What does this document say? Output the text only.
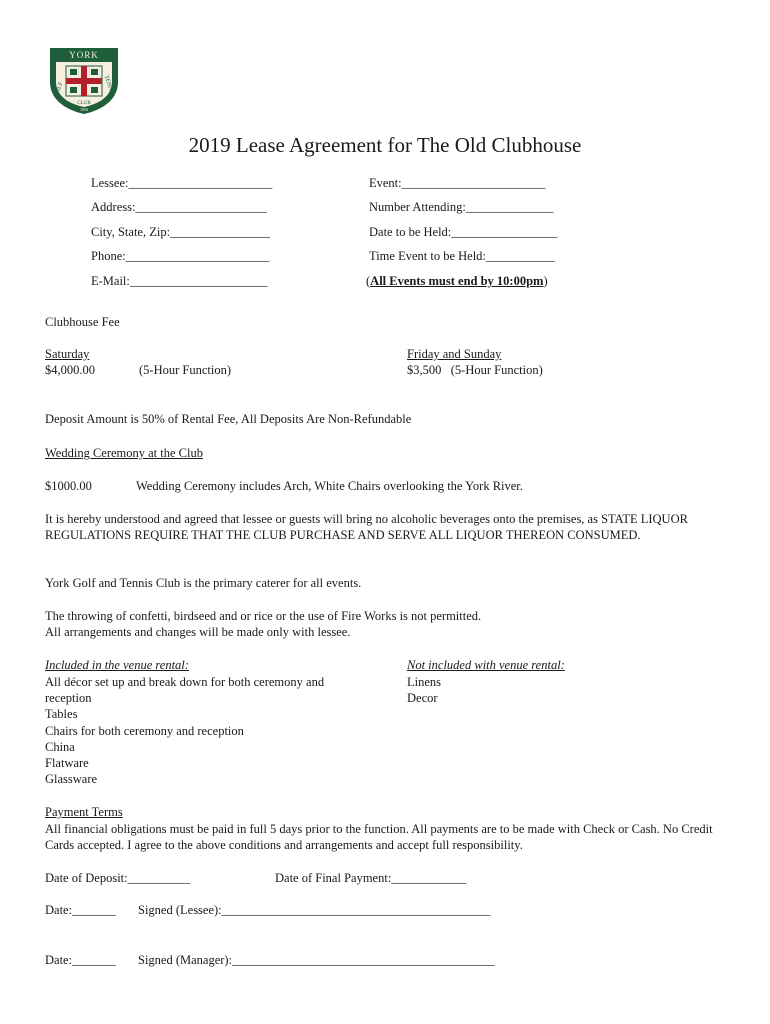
YORK
GOLF	TENNIS
CLUB
1904
2019 Lease Agreement for The Old Clubhouse
Lessee:_______________________
Address:_____________________
City, State, Zip:________________
Phone:_______________________
E-Mail:______________________
Event:_______________________
Number Attending:______________
Date to be Held:_________________
Time Event to be Held:___________
(All Events must end by 10:00pm)
Clubhouse Fee
Saturday
$4,000.00	(5-Hour Function)
Friday and Sunday
$3,500   (5-Hour Function)
Deposit Amount is 50% of Rental Fee, All Deposits Are Non-Refundable
Wedding Ceremony at the Club
$1000.00	Wedding Ceremony includes Arch, White Chairs overlooking the York River.
It is hereby understood and agreed that lessee or guests will bring no alcoholic beverages onto the premises, as STATE LIQUOR REGULATIONS REQUIRE THAT THE CLUB PURCHASE AND SERVE ALL LIQUOR THEREON CONSUMED.
York Golf and Tennis Club is the primary caterer for all events.
The throwing of confetti, birdseed and or rice or the use of Fire Works is not permitted.
All arrangements and changes will be made only with lessee.
Included in the venue rental:
All décor set up and break down for both ceremony and
reception
Tables
Chairs for both ceremony and reception
China
Flatware
Glassware
Not included with venue rental:
Linens
Decor
Payment Terms
All financial obligations must be paid in full 5 days prior to the function. All payments are to be made with Check or Cash. No Credit Cards accepted. I agree to the above conditions and arrangements and accept full responsibility.
Date of Deposit:__________	Date of Final Payment:____________
Date:_______ Signed (Lessee):___________________________________________
Date:_______ Signed (Manager):__________________________________________
